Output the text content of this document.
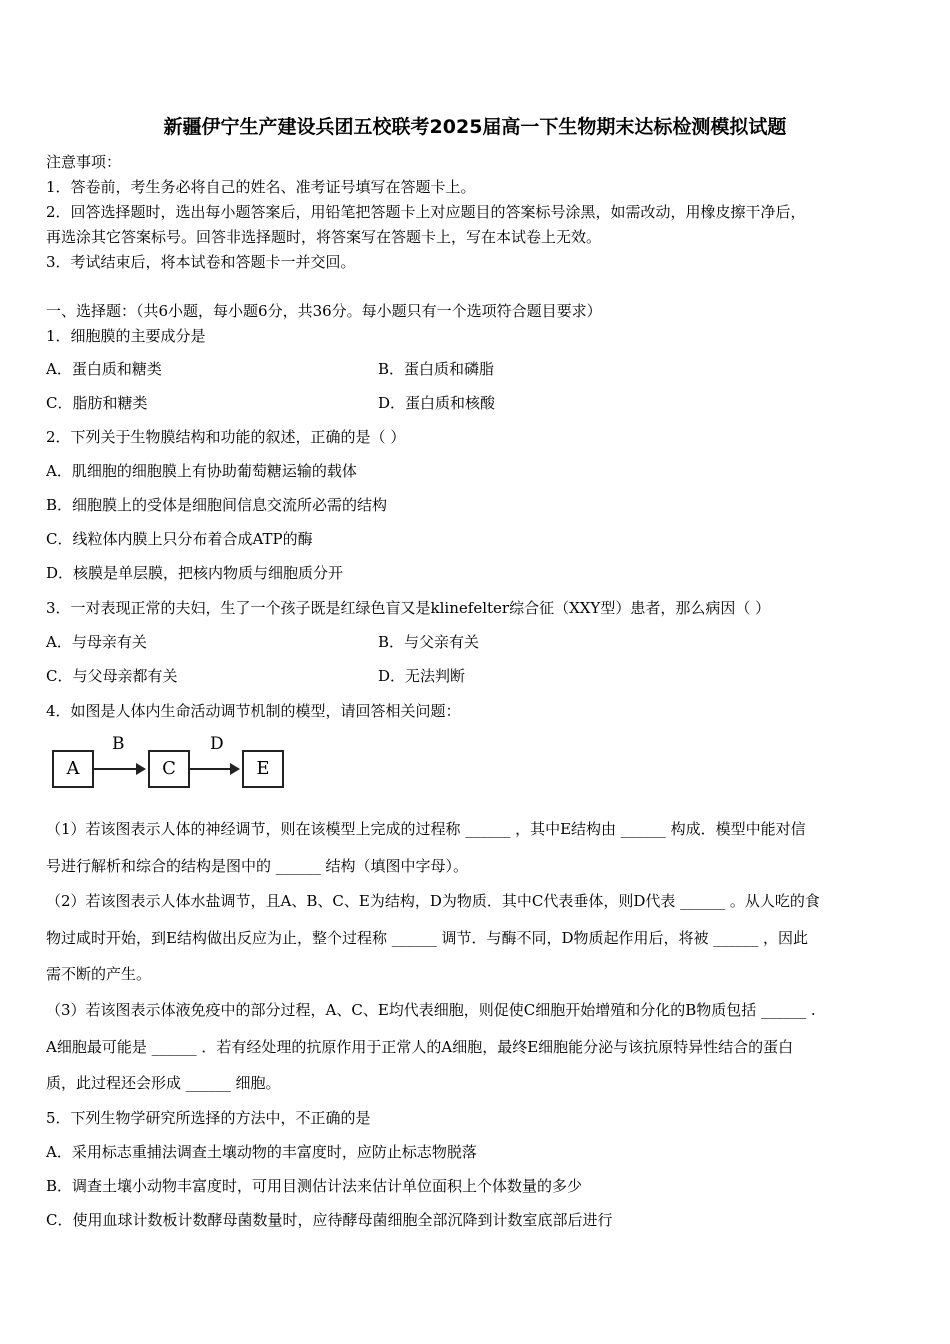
新疆伊宁生产建设兵团五校联考2025届高一下生物期末达标检测模拟试题
注意事项：
1．答卷前，考生务必将自己的姓名、准考证号填写在答题卡上。
2．回答选择题时，选出每小题答案后，用铅笔把答题卡上对应题目的答案标号涂黑，如需改动，用橡皮擦干净后，
再选涂其它答案标号。回答非选择题时，将答案写在答题卡上，写在本试卷上无效。
3．考试结束后，将本试卷和答题卡一并交回。
一、选择题：（共6小题，每小题6分，共36分。每小题只有一个选项符合题目要求）
1．细胞膜的主要成分是
A．蛋白质和糖类	B．蛋白质和磷脂
C．脂肪和糖类	D．蛋白质和核酸
2．下列关于生物膜结构和功能的叙述，正确的是（ ）
A．肌细胞的细胞膜上有协助葡萄糖运输的载体
B．细胞膜上的受体是细胞间信息交流所必需的结构
C．线粒体内膜上只分布着合成ATP的酶
D．核膜是单层膜，把核内物质与细胞质分开
3．一对表现正常的夫妇，生了一个孩子既是红绿色盲又是klinefelter综合征（XXY型）患者，那么病因（ ）
A．与母亲有关	B．与父亲有关
C．与父母亲都有关	D．无法判断
4．如图是人体内生命活动调节机制的模型，请回答相关问题：
A
B
C
D
E
（1）若该图表示人体的神经调节，则在该模型上完成的过程称 ______ ，其中E结构由 ______ 构成．模型中能对信
号进行解析和综合的结构是图中的 ______ 结构（填图中字母）。
（2）若该图表示人体水盐调节，且A、B、C、E为结构，D为物质．其中C代表垂体，则D代表 ______ 。从人吃的食
物过咸时开始，到E结构做出反应为止，整个过程称 ______ 调节．与酶不同，D物质起作用后，将被 ______ ，因此
需不断的产生。
（3）若该图表示体液免疫中的部分过程，A、C、E均代表细胞，则促使C细胞开始增殖和分化的B物质包括 ______ .
A细胞最可能是 ______ ．若有经处理的抗原作用于正常人的A细胞，最终E细胞能分泌与该抗原特异性结合的蛋白
质，此过程还会形成 ______ 细胞。
5．下列生物学研究所选择的方法中，不正确的是
A．采用标志重捕法调查土壤动物的丰富度时，应防止标志物脱落
B．调查土壤小动物丰富度时，可用目测估计法来估计单位面积上个体数量的多少
C．使用血球计数板计数酵母菌数量时，应待酵母菌细胞全部沉降到计数室底部后进行
